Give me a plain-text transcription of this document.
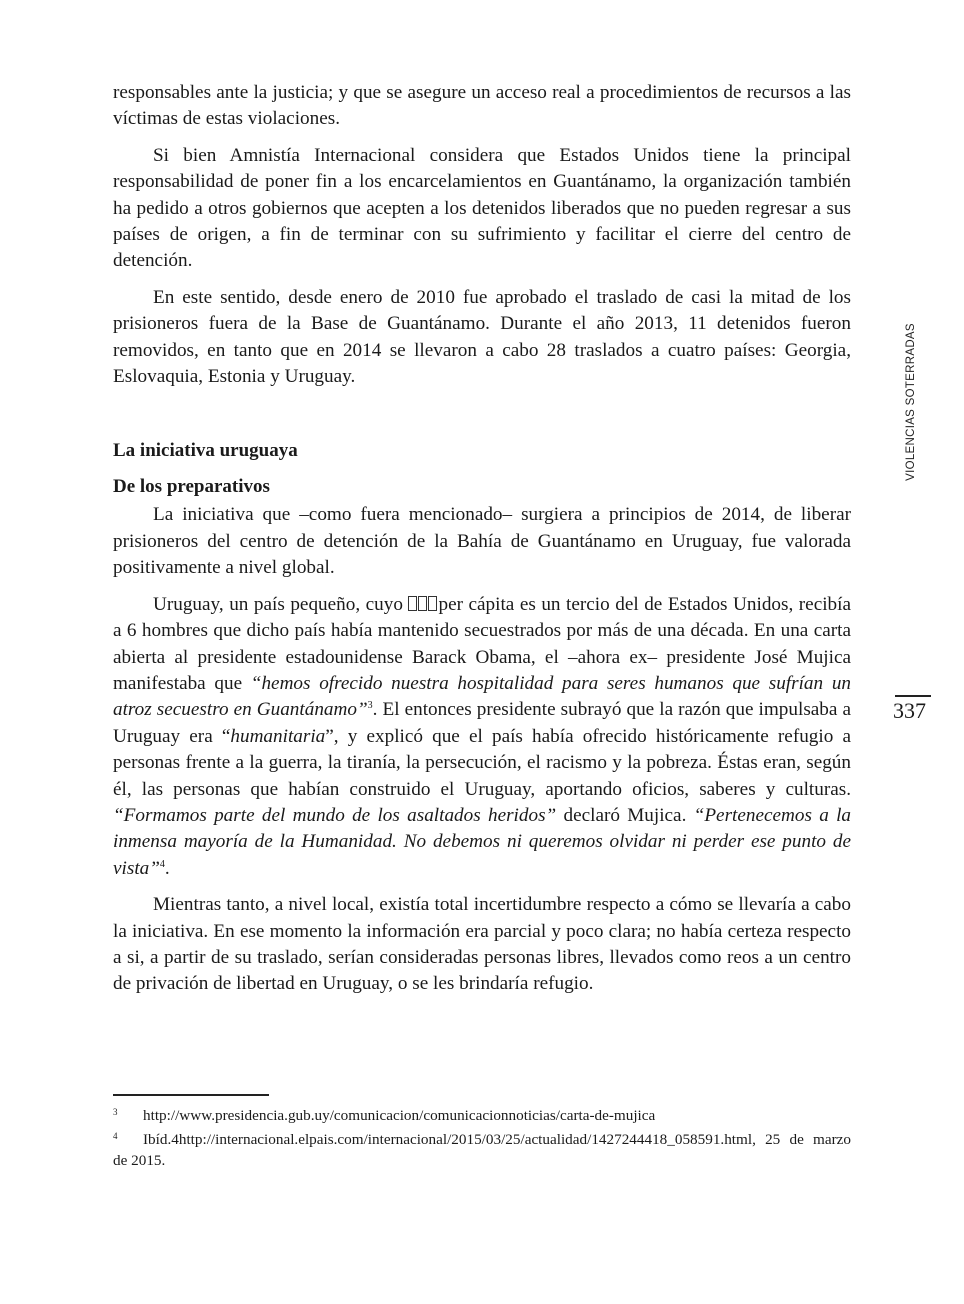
responsables ante la justicia; y que se asegure un acceso real a procedimientos de recursos a las víctimas de estas violaciones.

Si bien Amnistía Internacional considera que Estados Unidos tiene la principal responsabilidad de poner fin a los encarcelamientos en Guantánamo, la organización también ha pedido a otros gobiernos que acepten a los detenidos liberados que no pueden regresar a sus países de origen, a fin de terminar con su sufrimiento y facilitar el cierre del centro de detención.

En este sentido, desde enero de 2010 fue aprobado el traslado de casi la mitad de los prisioneros fuera de la Base de Guantánamo. Durante el año 2013, 11 detenidos fueron removidos, en tanto que en 2014 se llevaron a cabo 28 traslados a cuatro países: Georgia, Eslovaquia, Estonia y Uruguay.

La iniciativa uruguaya
De los preparativos

La iniciativa que –como fuera mencionado– surgiera a principios de 2014, de liberar prisioneros del centro de detención de la Bahía de Guantánamo en Uruguay, fue valorada positivamente a nivel global.

Uruguay, un país pequeño, cuyo per cápita es un tercio del de Estados Unidos, recibía a 6 hombres que dicho país había mantenido secuestrados por más de una década. En una carta abierta al presidente estadounidense Barack Obama, el –ahora ex– presidente José Mujica manifestaba que “hemos ofrecido nuestra hospitalidad para seres humanos que sufrían un atroz secuestro en Guantánamo”$^3$. El entonces presidente subrayó que la razón que impulsaba a Uruguay era “humanitaria”, y explicó que el país había ofrecido históricamente refugio a personas frente a la guerra, la tiranía, la persecución, el racismo y la pobreza. Éstas eran, según él, las personas que habían construido el Uruguay, aportando oficios, saberes y culturas. “Formamos parte del mundo de los asaltados heridos” declaró Mujica. “Pertenecemos a la inmensa mayoría de la Humanidad. No debemos ni queremos olvidar ni perder ese punto de vista”$^4$.

Mientras tanto, a nivel local, existía total incertidumbre respecto a cómo se llevaría a cabo la iniciativa. En ese momento la información era parcial y poco clara; no había certeza respecto a si, a partir de su traslado, serían consideradas personas libres, llevados como reos a un centro de privación de libertad en Uruguay, o se les brindaría refugio.

VIOLENCIAS SOTERRADAS
337

$^3$ http://www.presidencia.gub.uy/comunicacion/comunicacionnoticias/carta-de-mujica

$^4$ Ibíd.4http://internacional.elpais.com/internacional/2015/03/25/actualidad/1427244418_058591.html, 25 de marzo de 2015.
